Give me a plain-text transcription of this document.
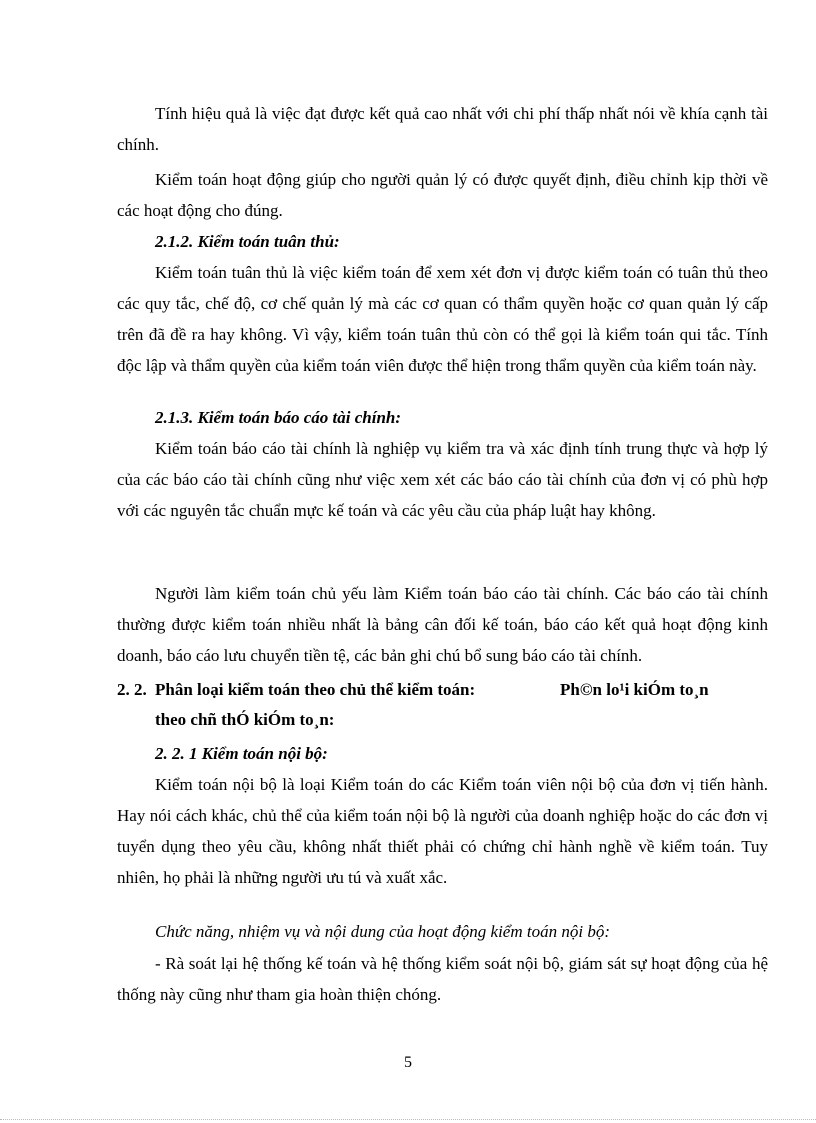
Tính hiệu quả là việc đạt được kết quả cao nhất với chi phí thấp nhất nói về khía cạnh tài chính.

Kiểm toán hoạt động giúp cho người quản lý có được quyết định, điều chỉnh kịp thời về các hoạt động cho đúng.

2.1.2. Kiểm toán tuân thủ:

Kiểm toán tuân thủ là việc kiểm toán để xem xét đơn vị được kiểm toán có tuân thủ theo các quy tắc, chế độ, cơ chế quản lý mà các cơ quan có thẩm quyền hoặc cơ quan quản lý cấp trên đã đề ra hay không. Vì vậy, kiểm toán tuân thủ còn có thể gọi là kiểm toán qui tắc. Tính độc lập và thẩm quyền của kiểm toán viên được thể hiện trong thẩm quyền của kiểm toán này.

2.1.3. Kiểm toán báo cáo tài chính:

Kiểm toán báo cáo tài chính là nghiệp vụ kiểm tra và xác định tính trung thực và hợp lý của các báo cáo tài chính cũng như việc xem xét các báo cáo tài chính của đơn vị có phù hợp với các nguyên tắc chuẩn mực kế toán và các yêu cầu của pháp luật hay không.

Người làm kiểm toán chủ yếu làm Kiểm toán báo cáo tài chính. Các báo cáo tài chính thường được kiểm toán nhiều nhất là bảng cân đối kế toán, báo cáo kết quả hoạt động kinh doanh, báo cáo lưu chuyển tiền tệ, các bản ghi chú bổ sung báo cáo tài chính.

2. 2. Phân loại kiểm toán theo chủ thể kiểm toán:	Ph©n lo¹i kiÓm to¸n
theo chñ thÓ kiÓm to¸n:

2. 2. 1 Kiểm toán nội bộ:

Kiểm toán nội bộ là loại Kiểm toán do các Kiểm toán viên nội bộ của đơn vị tiến hành. Hay nói cách khác, chủ thể của kiểm toán nội bộ là người của doanh nghiệp hoặc do các đơn vị tuyển dụng theo yêu cầu, không nhất thiết phải có chứng chỉ hành nghề về kiểm toán. Tuy nhiên, họ phải là những người ưu tú và xuất xắc.

Chức năng, nhiệm vụ và nội dung của hoạt động kiểm toán nội bộ:

- Rà soát lại hệ thống kế toán và hệ thống kiểm soát nội bộ, giám sát sự hoạt động của hệ thống này cũng như tham gia hoàn thiện chóng.

5
